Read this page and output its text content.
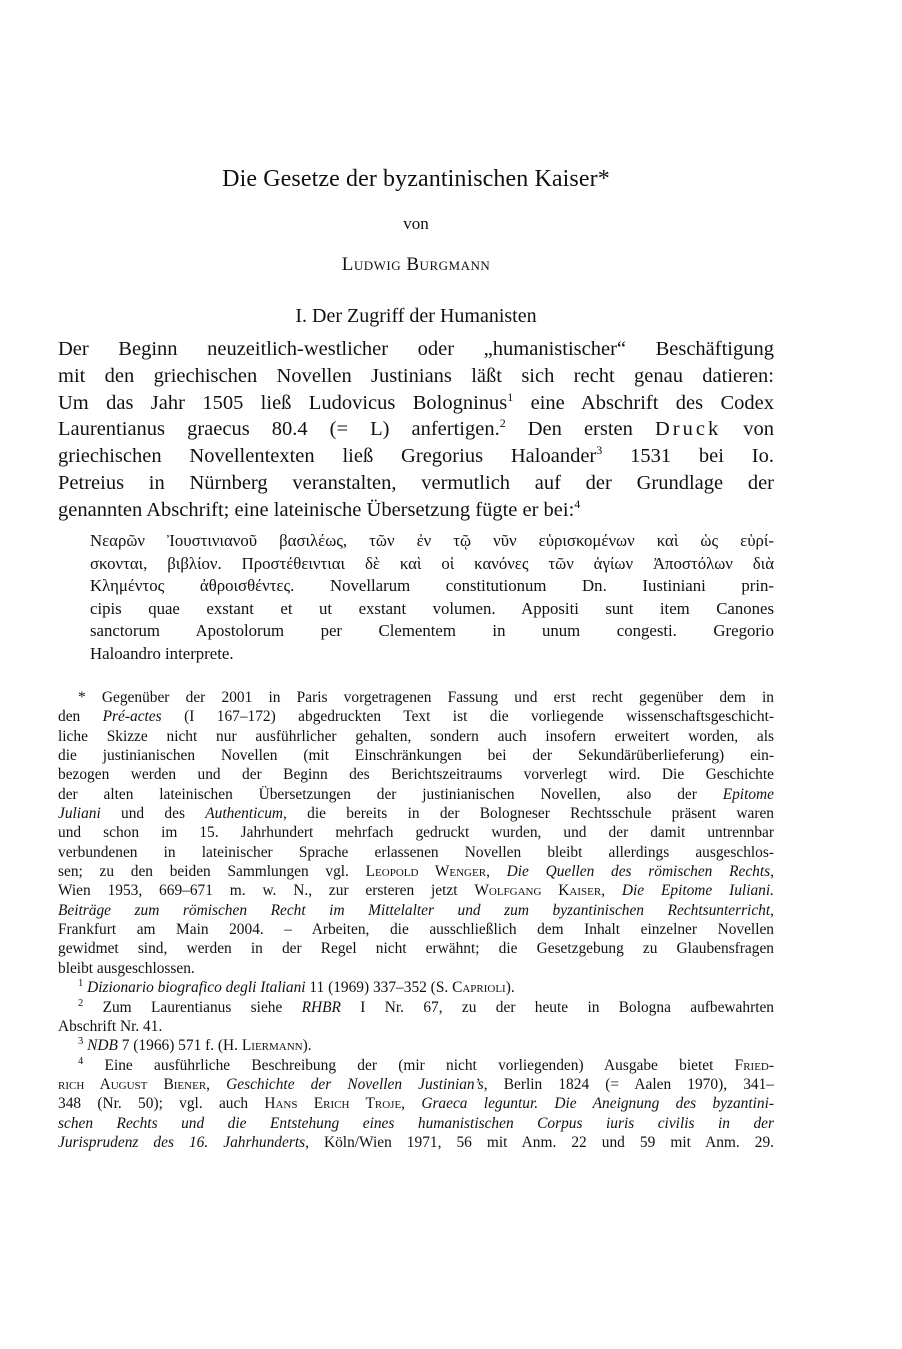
Die Gesetze der byzantinischen Kaiser*
von
Ludwig Burgmann
I. Der Zugriff der Humanisten
Der Beginn neuzeitlich-westlicher oder „humanistischer“ Beschäftigung
mit den griechischen Novellen Justinians läßt sich recht genau datieren:
Um das Jahr 1505 ließ Ludovicus Bologninus$^1$ eine Abschrift des Codex
Laurentianus graecus 80.4 (= L) anfertigen.$^2$ Den ersten Druck von
griechischen Novellentexten ließ Gregorius Haloander$^3$ 1531 bei Io.
Petreius in Nürnberg veranstalten, vermutlich auf der Grundlage der
genannten Abschrift; eine lateinische Übersetzung fügte er bei:$^4$
Νεαρῶν Ἰουστινιανοῦ βασιλέως, τῶν ἐν τῷ νῦν εὑρισκομένων καὶ ὡς εὑρί-
σκονται, βιβλίον. Προστέθειντιαι δὲ καὶ οἱ κανόνες τῶν ἁγίων Ἀποστόλων διὰ
Κλημέντος ἀθροισθέντες. Novellarum constitutionum Dn. Iustiniani prin-
cipis quae exstant et ut exstant volumen. Appositi sunt item Canones
sanctorum Apostolorum per Clementem in unum congesti. Gregorio
Haloandro interprete.
* Gegenüber der 2001 in Paris vorgetragenen Fassung und erst recht gegenüber dem in
den Pré-actes (I 167–172) abgedruckten Text ist die vorliegende wissenschaftsgeschicht-
liche Skizze nicht nur ausführlicher gehalten, sondern auch insofern erweitert worden, als
die justinianischen Novellen (mit Einschränkungen bei der Sekundärüberlieferung) ein-
bezogen werden und der Beginn des Berichtszeitraums vorverlegt wird. Die Geschichte
der alten lateinischen Übersetzungen der justinianischen Novellen, also der Epitome
Juliani und des Authenticum, die bereits in der Bologneser Rechtsschule präsent waren
und schon im 15. Jahrhundert mehrfach gedruckt wurden, und der damit untrennbar
verbundenen in lateinischer Sprache erlassenen Novellen bleibt allerdings ausgeschlos-
sen; zu den beiden Sammlungen vgl. Leopold Wenger, Die Quellen des römischen Rechts,
Wien 1953, 669–671 m. w. N., zur ersteren jetzt Wolfgang Kaiser, Die Epitome Iuliani.
Beiträge zum römischen Recht im Mittelalter und zum byzantinischen Rechtsunterricht,
Frankfurt am Main 2004. – Arbeiten, die ausschließlich dem Inhalt einzelner Novellen
gewidmet sind, werden in der Regel nicht erwähnt; die Gesetzgebung zu Glaubensfragen
bleibt ausgeschlossen.
$^1$ Dizionario biografico degli Italiani 11 (1969) 337–352 (S. Caprioli).
$^2$ Zum Laurentianus siehe RHBR I Nr. 67, zu der heute in Bologna aufbewahrten
Abschrift Nr. 41.
$^3$ NDB 7 (1966) 571 f. (H. Liermann).
$^4$ Eine ausführliche Beschreibung der (mir nicht vorliegenden) Ausgabe bietet Fried-
rich August Biener, Geschichte der Novellen Justinian’s, Berlin 1824 (= Aalen 1970), 341–
348 (Nr. 50); vgl. auch Hans Erich Troje, Graeca leguntur. Die Aneignung des byzantini-
schen Rechts und die Entstehung eines humanistischen Corpus iuris civilis in der
Jurisprudenz des 16. Jahrhunderts, Köln/Wien 1971, 56 mit Anm. 22 und 59 mit Anm. 29.
